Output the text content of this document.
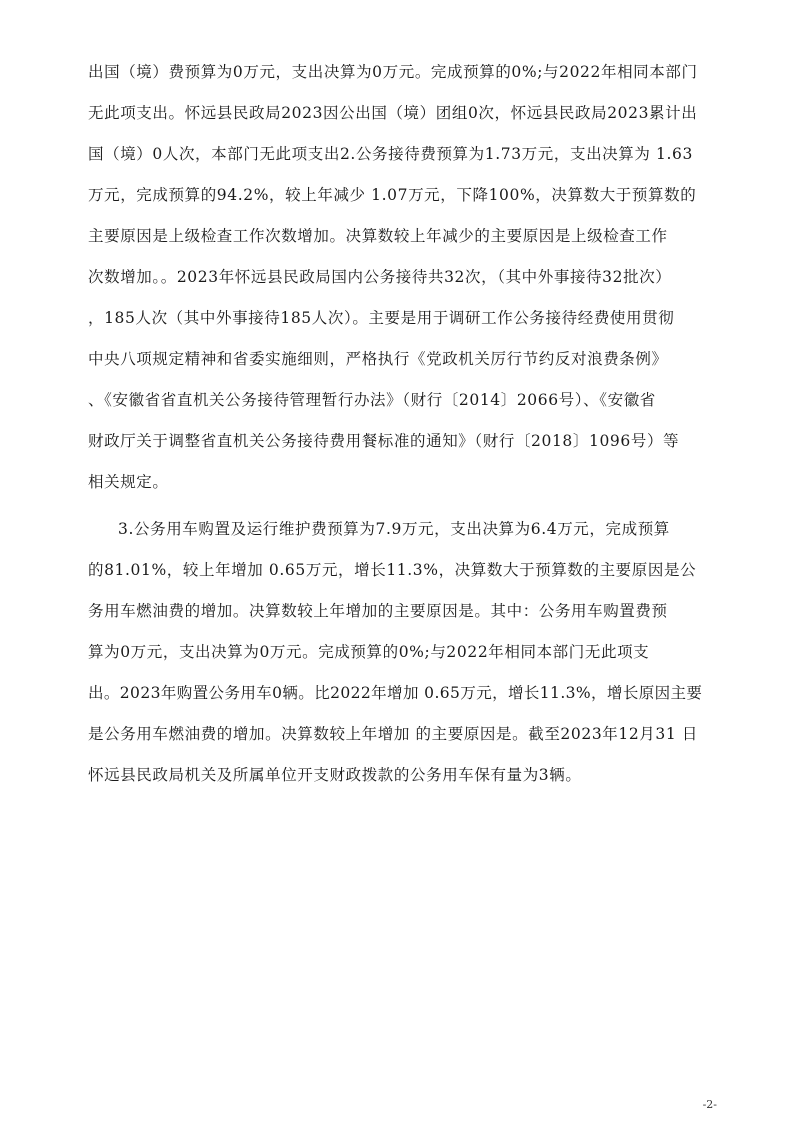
出国（境）费预算为0万元，支出决算为0万元。完成预算的0%;与2022年相同本部门
无此项支出。怀远县民政局2023因公出国（境）团组0次，怀远县民政局2023累计出
国（境）0人次，本部门无此项支出2.公务接待费预算为1.73万元，支出决算为 1.63
万元，完成预算的94.2%，较上年减少 1.07万元，下降100%，决算数大于预算数的
主要原因是上级检查工作次数增加。决算数较上年减少的主要原因是上级检查工作
次数增加。。2023年怀远县民政局国内公务接待共32次，（其中外事接待32批次）
，185人次（其中外事接待185人次）。主要是用于调研工作公务接待经费使用贯彻
中央八项规定精神和省委实施细则，严格执行《党政机关厉行节约反对浪费条例》
、《安徽省省直机关公务接待管理暂行办法》（财行〔2014〕2066号）、《安徽省
财政厅关于调整省直机关公务接待费用餐标准的通知》（财行〔2018〕1096号）等
相关规定。
3.公务用车购置及运行维护费预算为7.9万元，支出决算为6.4万元，完成预算
的81.01%，较上年增加 0.65万元，增长11.3%，决算数大于预算数的主要原因是公
务用车燃油费的增加。决算数较上年增加的主要原因是。其中：公务用车购置费预
算为0万元，支出决算为0万元。完成预算的0%;与2022年相同本部门无此项支
出。2023年购置公务用车0辆。比2022年增加 0.65万元，增长11.3%，增长原因主要
是公务用车燃油费的增加。决算数较上年增加 的主要原因是。截至2023年12月31 日
怀远县民政局机关及所属单位开支财政拨款的公务用车保有量为3辆。
-2-
